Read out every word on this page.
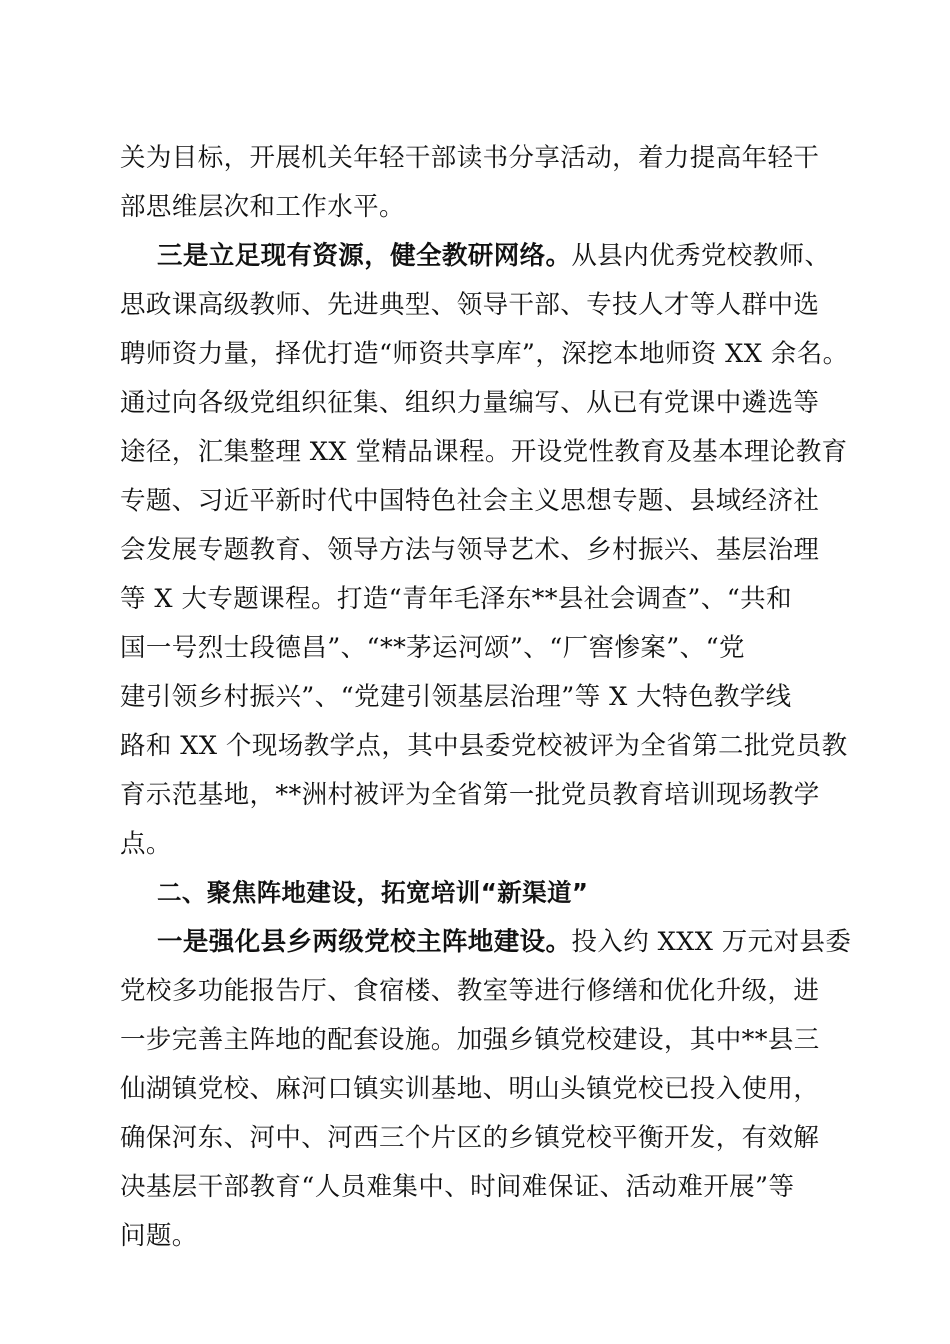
关为目标，开展机关年轻干部读书分享活动，着力提高年轻干
部思维层次和工作水平。
三是立足现有资源，健全教研网络。从县内优秀党校教师、
思政课高级教师、先进典型、领导干部、专技人才等人群中选
聘师资力量，择优打造“师资共享库”，深挖本地师资 XX 余名。
通过向各级党组织征集、组织力量编写、从已有党课中遴选等
途径，汇集整理 XX 堂精品课程。开设党性教育及基本理论教育
专题、习近平新时代中国特色社会主义思想专题、县域经济社
会发展专题教育、领导方法与领导艺术、乡村振兴、基层治理
等 X 大专题课程。打造“青年毛泽东**县社会调查”、“共和
国一号烈士段德昌”、“**茅运河颂”、“厂窖惨案”、“党
建引领乡村振兴”、“党建引领基层治理”等 X 大特色教学线
路和 XX 个现场教学点，其中县委党校被评为全省第二批党员教
育示范基地，**洲村被评为全省第一批党员教育培训现场教学
点。
二、聚焦阵地建设，拓宽培训“新渠道”
一是强化县乡两级党校主阵地建设。投入约 XXX 万元对县委
党校多功能报告厅、食宿楼、教室等进行修缮和优化升级，进
一步完善主阵地的配套设施。加强乡镇党校建设，其中**县三
仙湖镇党校、麻河口镇实训基地、明山头镇党校已投入使用，
确保河东、河中、河西三个片区的乡镇党校平衡开发，有效解
决基层干部教育“人员难集中、时间难保证、活动难开展”等
问题。
